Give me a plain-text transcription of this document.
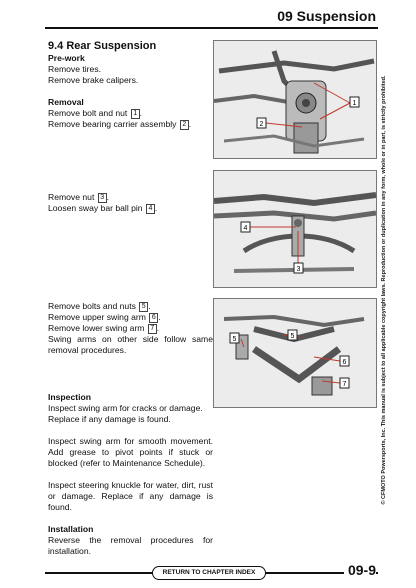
09 Suspension
9.4 Rear Suspension
Pre-work

Remove tires.

Remove brake calipers.

Removal

Remove bolt and nut 1 .

Remove bearing carrier assembly 2 .

Remove nut 3 .

Loosen sway bar ball pin 4 .

Remove bolts and nuts 5 .

Remove upper swing arm 6 .

Remove lower swing arm 7 .

Swing arms on other side follow same removal procedures.

Inspection

Inspect swing arm for cracks or damage. Replace if any damage is found.

Inspect swing arm for smooth movement. Add grease to pivot points if stuck or blocked (refer to Maintenance Schedule).

Inspect steering knuckle for water, dirt, rust or damage. Replace if any damage is found.

Installation

Reverse the removal procedures for installation.

1
2
4
3
5	5
6
7	© CFMOTO Powersports, Inc. This manual is subject to all applicable copyright laws. Reproduction or duplication in any form, whole or in part, is strictly prohibited.
RETURN TO CHAPTER INDEX	09-9
